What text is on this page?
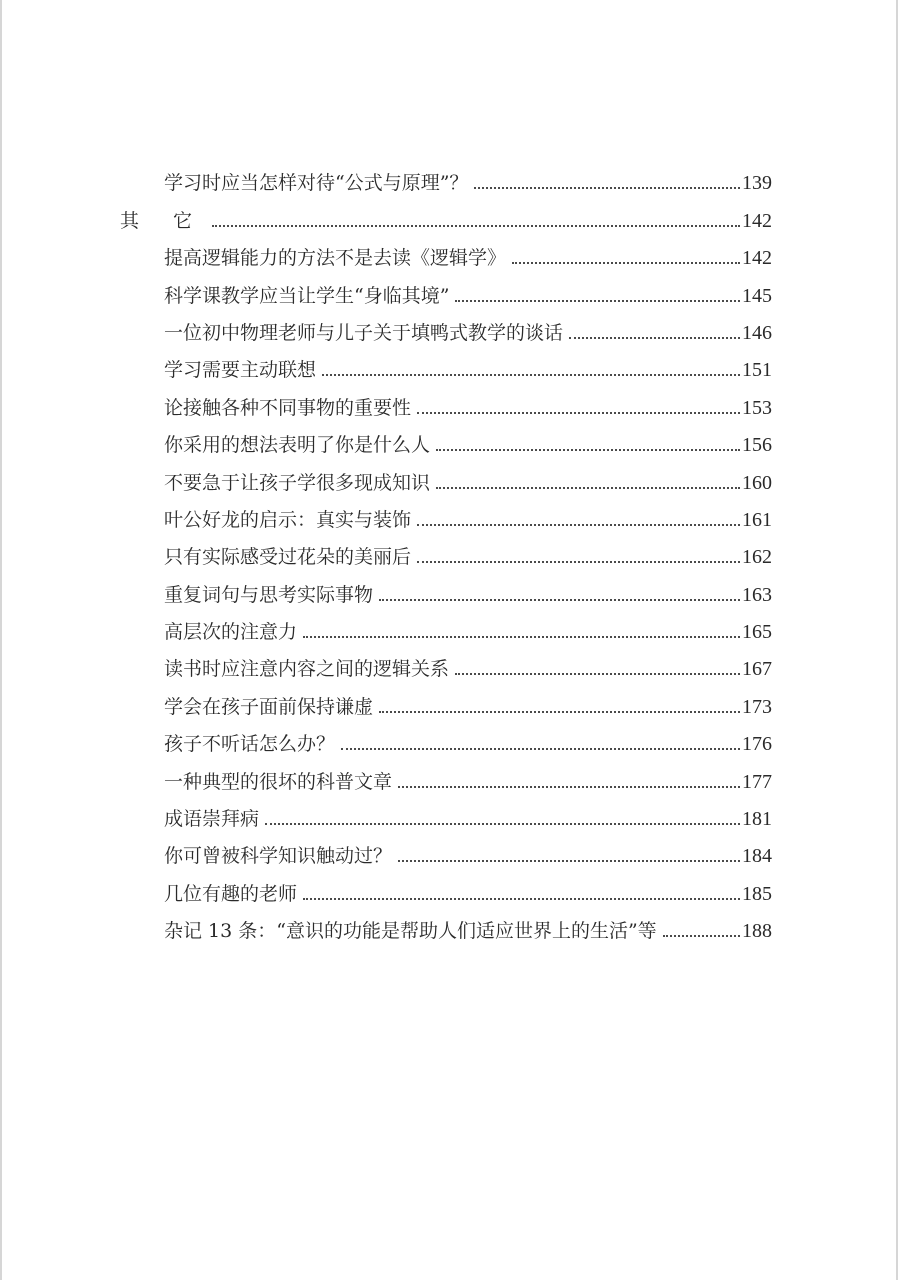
学习时应当怎样对待“公式与原理”？	139
其 它	142
提高逻辑能力的方法不是去读《逻辑学》	142
科学课教学应当让学生“身临其境”	145
一位初中物理老师与儿子关于填鸭式教学的谈话	146
学习需要主动联想	151
论接触各种不同事物的重要性	153
你采用的想法表明了你是什么人	156
不要急于让孩子学很多现成知识	160
叶公好龙的启示：真实与装饰	161
只有实际感受过花朵的美丽后	162
重复词句与思考实际事物	163
高层次的注意力	165
读书时应注意内容之间的逻辑关系	167
学会在孩子面前保持谦虚	173
孩子不听话怎么办？	176
一种典型的很坏的科普文章	177
成语崇拜病	181
你可曾被科学知识触动过？	184
几位有趣的老师	185
杂记 13 条：“意识的功能是帮助人们适应世界上的生活”等	188
